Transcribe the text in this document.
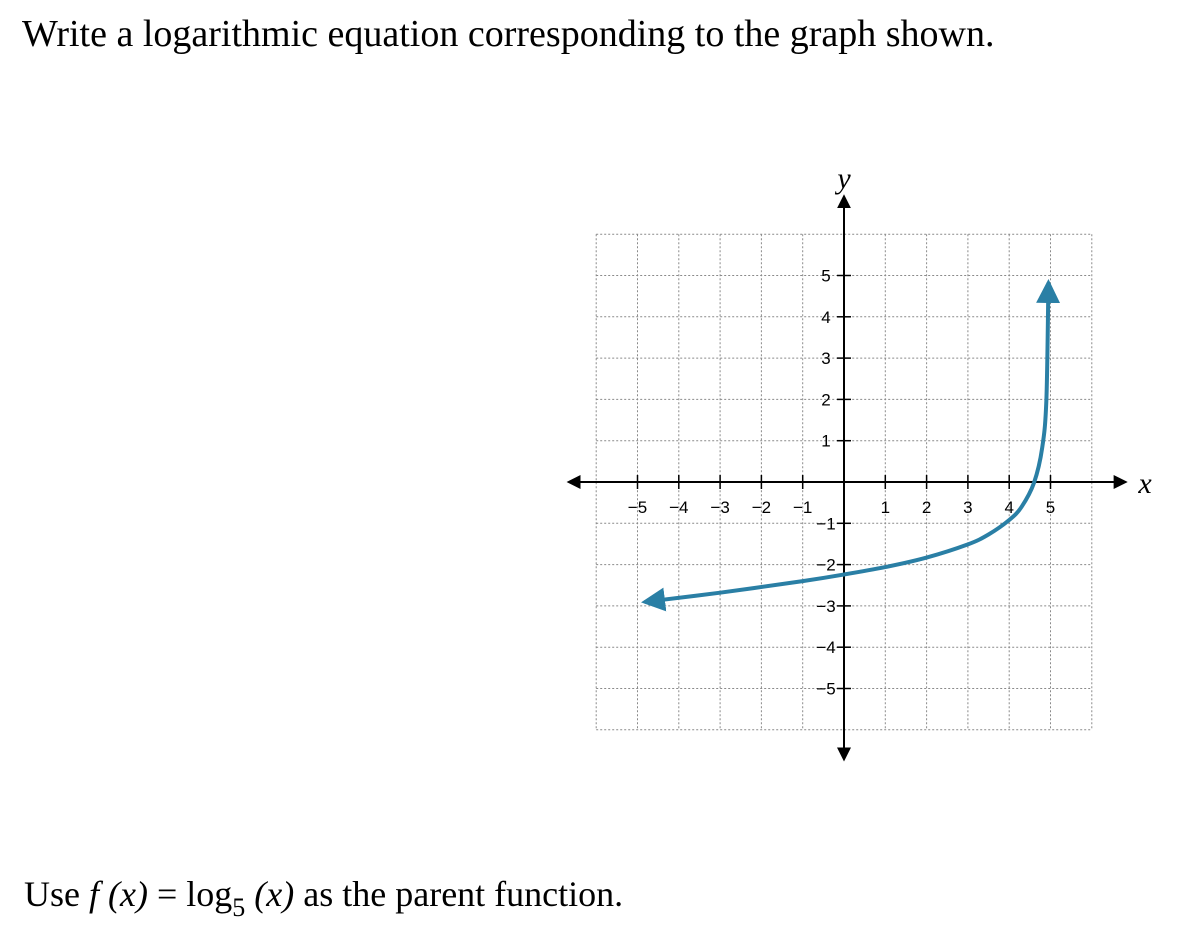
Write a logarithmic equation corresponding to the graph shown.
−5 −4 −3 −2 −1	1 2 3 4 5
5
4
3
2
1
−1
−2
−3
−4
−5
y
x
Use f $(x) = \log_5 (x)$ as the parent function.
